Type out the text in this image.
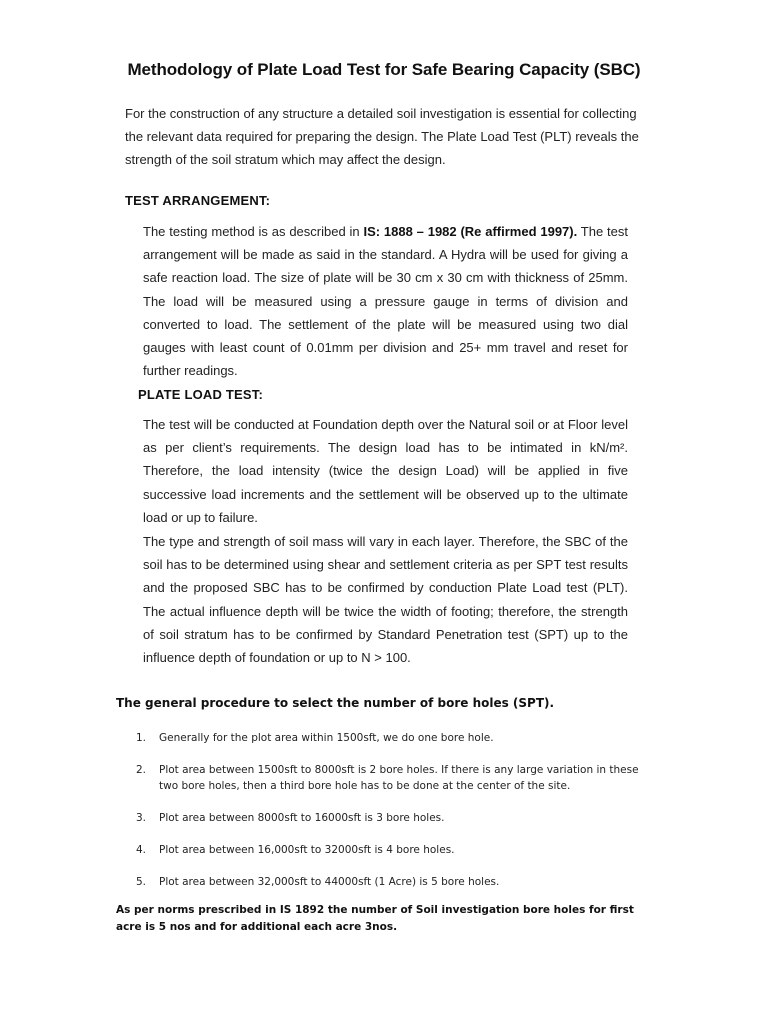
Methodology of Plate Load Test for Safe Bearing Capacity (SBC)
For the construction of any structure a detailed soil investigation is essential for collecting the relevant data required for preparing the design. The Plate Load Test (PLT) reveals the strength of the soil stratum which may affect the design.
TEST ARRANGEMENT:
The testing method is as described in IS: 1888 – 1982 (Re affirmed 1997). The test arrangement will be made as said in the standard. A Hydra will be used for giving a safe reaction load. The size of plate will be 30 cm x 30 cm with thickness of 25mm. The load will be measured using a pressure gauge in terms of division and converted to load. The settlement of the plate will be measured using two dial gauges with least count of 0.01mm per division and 25+ mm travel and reset for further readings.
PLATE LOAD TEST:
The test will be conducted at Foundation depth over the Natural soil or at Floor level as per client’s requirements. The design load has to be intimated in kN/m². Therefore, the load intensity (twice the design Load) will be applied in five successive load increments and the settlement will be observed up to the ultimate load or up to failure.
The type and strength of soil mass will vary in each layer. Therefore, the SBC of the soil has to be determined using shear and settlement criteria as per SPT test results and the proposed SBC has to be confirmed by conduction Plate Load test (PLT). The actual influence depth will be twice the width of footing; therefore, the strength of soil stratum has to be confirmed by Standard Penetration test (SPT) up to the influence depth of foundation or up to N > 100.
The general procedure to select the number of bore holes (SPT).
1.	Generally for the plot area within 1500sft, we do one bore hole.
2.	Plot area between 1500sft to 8000sft is 2 bore holes. If there is any large variation in these two bore holes, then a third bore hole has to be done at the center of the site.
3.	Plot area between 8000sft to 16000sft is 3 bore holes.
4.	Plot area between 16,000sft to 32000sft is 4 bore holes.
5.	Plot area between 32,000sft to 44000sft (1 Acre) is 5 bore holes.
As per norms prescribed in IS 1892 the number of Soil investigation bore holes for first acre is 5 nos and for additional each acre 3nos.
